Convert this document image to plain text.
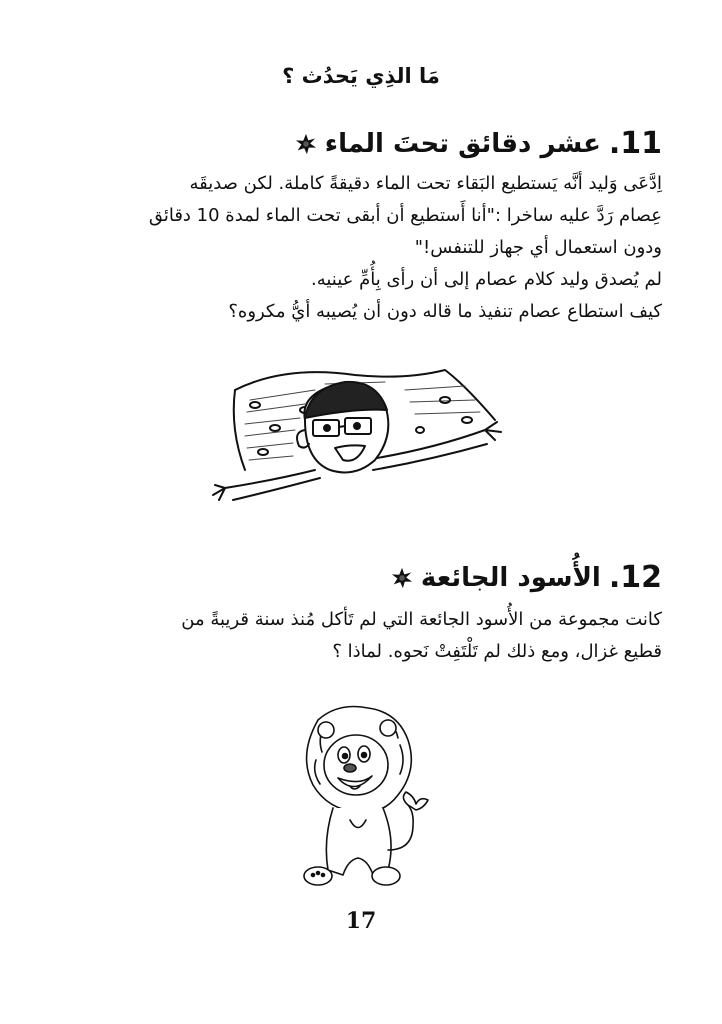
مَا الذِي يَحدُث ؟
11.
عشر دقائق تحتَ الماء

اِدَّعَى وَليد أنَّه يَستطيع البَقاء تحت الماء دقيقةً كاملة. لكن صديقَه

عِصام رَدَّ عليه ساخرا :"أنا أَستطيع أن أبقى تحت الماء لمدة 10 دقائق

ودون استعمال أي جهاز للتنفس!"

لم يُصدق وليد كلام عصام إلى أن رأى بِأُمِّ عينيه.

كيف استطاع عصام تنفيذ ما قاله دون أن يُصيبه أيُّ مكروه؟

12.
الأُسود الجائعة

كانت مجموعة من الأُسود الجائعة التي لم تَأكل مُنذ سنة قريبةً من

قطيع غزال، ومع ذلك لم تَلْتَفِتْ نَحوه. لماذا ؟

17
